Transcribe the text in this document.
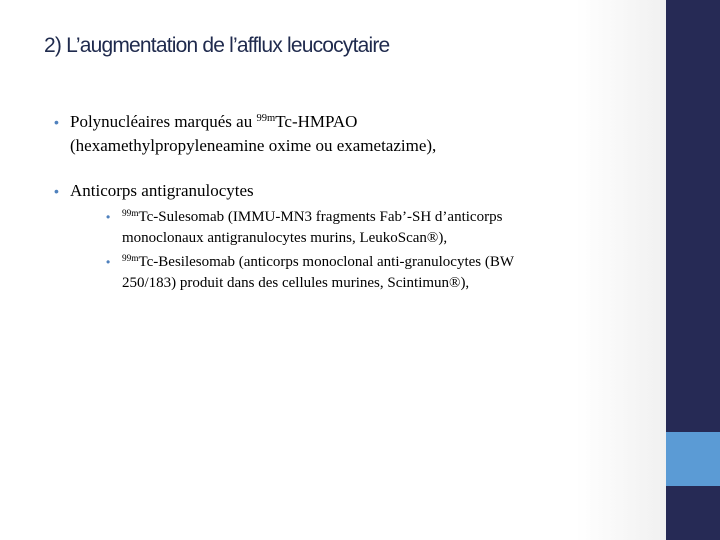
2) L’augmentation de l’afflux leucocytaire
• Polynucléaires marqués au $^{99m}$Tc-HMPAO
(hexamethylpropyleneamine oxime ou exametazime),
• Anticorps antigranulocytes
• $^{99m}$Tc-Sulesomab (IMMU-MN3 fragments Fab’-SH d’anticorps
monoclonaux antigranulocytes murins, LeukoScan®),
• $^{99m}$Tc-Besilesomab (anticorps monoclonal anti-granulocytes (BW
250/183) produit dans des cellules murines, Scintimun®),
